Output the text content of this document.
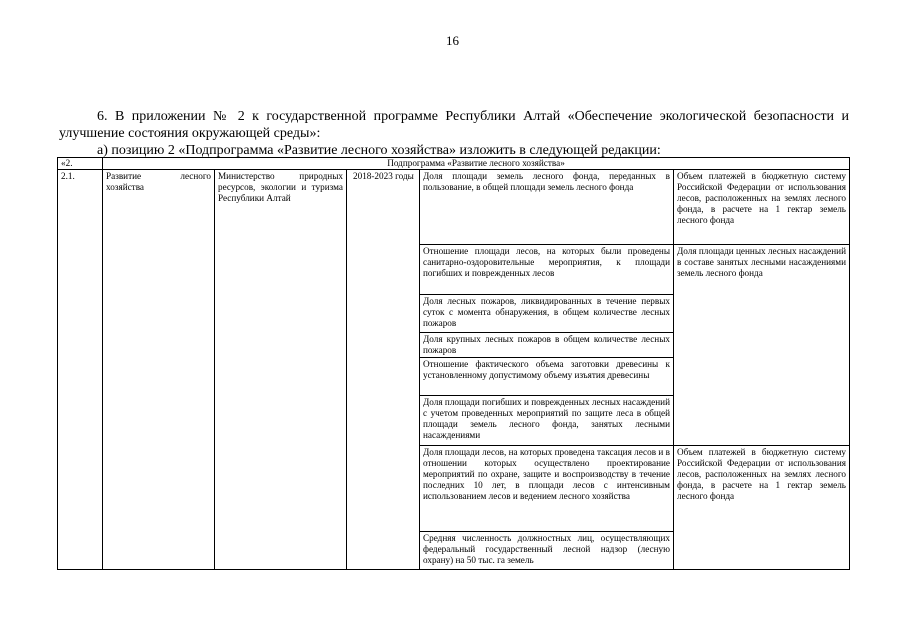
16
6. В приложении № 2 к государственной программе Республики Алтай «Обеспечение экологической безопасности и улучшение состояния окружающей среды»:
а) позицию 2 «Подпрограмма «Развитие лесного хозяйства» изложить в следующей редакции:
«2.	Подпрограмма «Развитие лесного хозяйства»				
2.1.	Развитие лесного хозяйства	Министерство природных ресурсов, экологии и туризма Республики Алтай	2018-2023 годы	Доля площади земель лесного фонда, переданных в пользование, в общей площади земель лесного фонда	Объем платежей в бюджетную систему Российской Федерации от использования лесов, расположенных на землях лесного фонда, в расчете на 1 гектар земель лесного фонда
				Отношение площади лесов, на которых были проведены санитарно-оздоровительные мероприятия, к площади погибших и поврежденных лесов	Доля площади ценных лесных насаждений в составе занятых лесными насаждениями земель лесного фонда
				Доля лесных пожаров, ликвидированных в течение первых суток с момента обнаружения, в общем количестве лесных пожаров	
				Доля крупных лесных пожаров в общем количестве лесных пожаров	
				Отношение фактического объема заготовки древесины к установленному допустимому объему изъятия древесины	
				Доля площади погибших и поврежденных лесных насаждений с учетом проведенных мероприятий по защите леса в общей площади земель лесного фонда, занятых лесными насаждениями	
				Доля площади лесов, на которых проведена таксация лесов и в отношении которых осуществлено проектирование мероприятий по охране, защите и воспроизводству в течение последних 10 лет, в площади лесов с интенсивным использованием лесов и ведением лесного хозяйства	Объем платежей в бюджетную систему Российской Федерации от использования лесов, расположенных на землях лесного фонда, в расчете на 1 гектар земель лесного фонда
				Средняя численность должностных лиц, осуществляющих федеральный государственный лесной надзор (лесную охрану) на 50 тыс. га земель	
